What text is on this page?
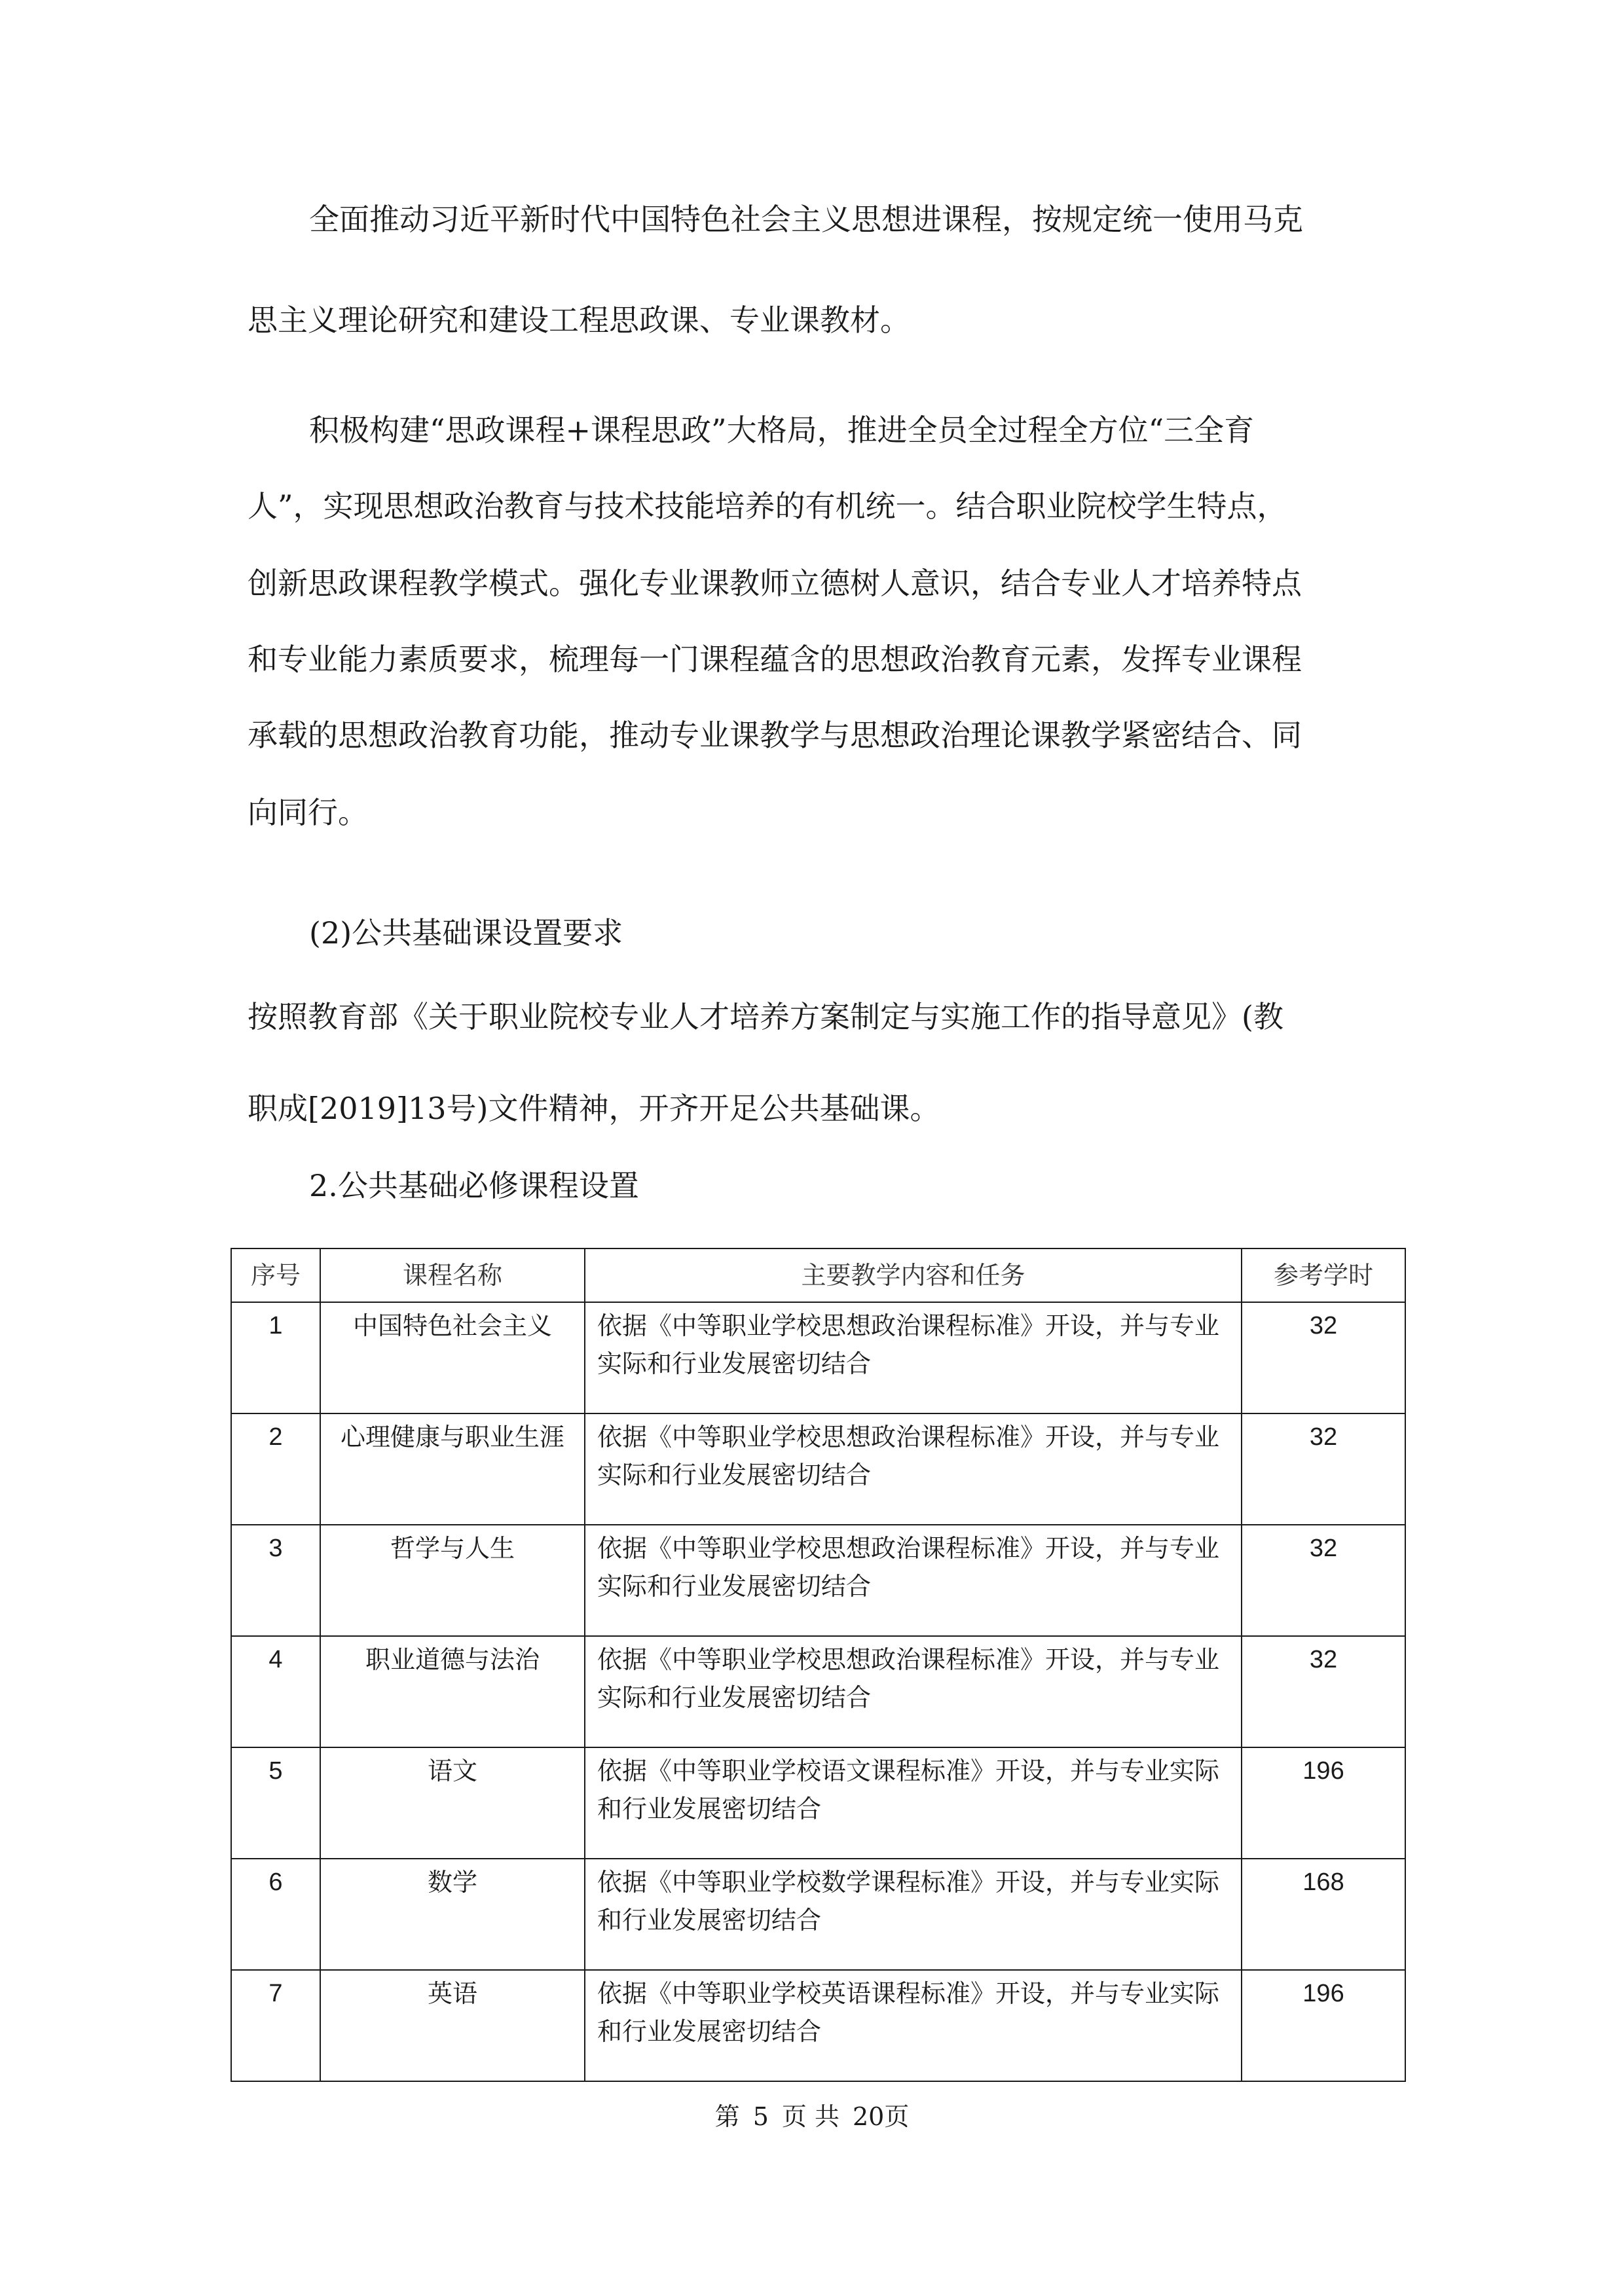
全面推动习近平新时代中国特色社会主义思想进课程，按规定统一使用马克

思主义理论研究和建设工程思政课、专业课教材。

积极构建“思政课程+课程思政”大格局，推进全员全过程全方位“三全育

人”，实现思想政治教育与技术技能培养的有机统一。结合职业院校学生特点，

创新思政课程教学模式。强化专业课教师立德树人意识，结合专业人才培养特点

和专业能力素质要求，梳理每一门课程蕴含的思想政治教育元素，发挥专业课程

承载的思想政治教育功能，推动专业课教学与思想政治理论课教学紧密结合、同

向同行。

(2)公共基础课设置要求

按照教育部《关于职业院校专业人才培养方案制定与实施工作的指导意见》(教

职成[2019]13号)文件精神，开齐开足公共基础课。

2.公共基础必修课程设置

序号	课程名称	主要教学内容和任务	参考学时
1	中国特色社会主义	依据《中等职业学校思想政治课程标准》开设，并与专业实际和行业发展密切结合	32
2	心理健康与职业生涯	依据《中等职业学校思想政治课程标准》开设，并与专业实际和行业发展密切结合	32
3	哲学与人生	依据《中等职业学校思想政治课程标准》开设，并与专业实际和行业发展密切结合	32
4	职业道德与法治	依据《中等职业学校思想政治课程标准》开设，并与专业实际和行业发展密切结合	32
5	语文	依据《中等职业学校语文课程标准》开设，并与专业实际和行业发展密切结合	196
6	数学	依据《中等职业学校数学课程标准》开设，并与专业实际和行业发展密切结合	168
7	英语	依据《中等职业学校英语课程标准》开设，并与专业实际和行业发展密切结合	196
第 5 页 共 20页
